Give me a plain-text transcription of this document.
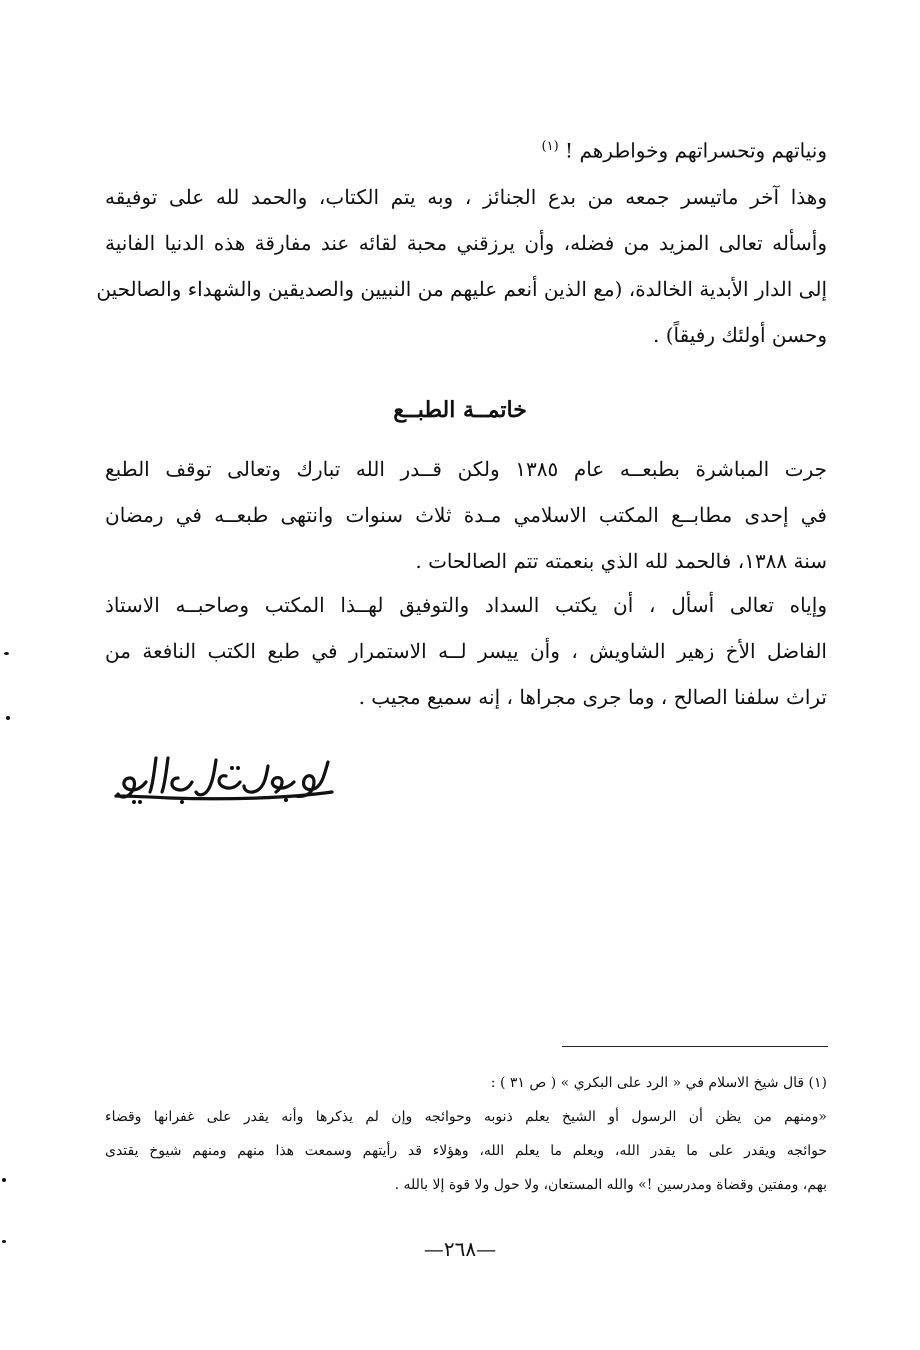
ونياتهم وتحسراتهم وخواطرهم ! $^{(١)}$
وهذا آخر ماتيسر جمعه من بدع الجنائز ، وبه يتم الكتاب، والحمد لله على توفيقه
وأسأله تعالى المزيد من فضله، وأن يرزقني محبة لقائه عند مفارقة هذه الدنيا الفانية
إلى الدار الأبدية الخالدة، (مع الذين أنعم عليهم من النبيين والصديقين والشهداء والصالحين
وحسن أولئك رفيقاً) .
خاتمــة الطبــع
جرت المباشرة بطبعــه عام ١٣٨٥ ولكن قــدر الله تبارك وتعالى توقف الطبع
في إحدى مطابــع المكتب الاسلامي مـدة ثلاث سنوات وانتهى طبعــه في رمضان
سنة ١٣٨٨، فالحمد لله الذي بنعمته تتم الصالحات .
وإياه تعالى أسأل ، أن يكتب السداد والتوفيق لهــذا المكتب وصاحبــه الاستاذ
الفاضل الأخ زهير الشاويش ، وأن ييسر لــه الاستمرار في طبع الكتب النافعة من
تراث سلفنا الصالح ، وما جرى مجراها ، إنه سميع مجيب .
(١) قال شيخ الاسلام في « الرد على البكري » ( ص ٣١ ) :
«ومنهم من يظن أن الرسول أو الشيخ يعلم ذنوبه وحوائجه وإن لم يذكرها وأنه يقدر على غفرانها وقضاء
حوائجه ويقدر على ما يقدر الله، ويعلم ما يعلم الله، وهؤلاء قد رأيتهم وسمعت هذا منهم ومنهم شيوخ يقتدى
بهم، ومفتين وقضاة ومدرسين !» والله المستعان، ولا حول ولا قوة إلا بالله .
—٢٦٨—
